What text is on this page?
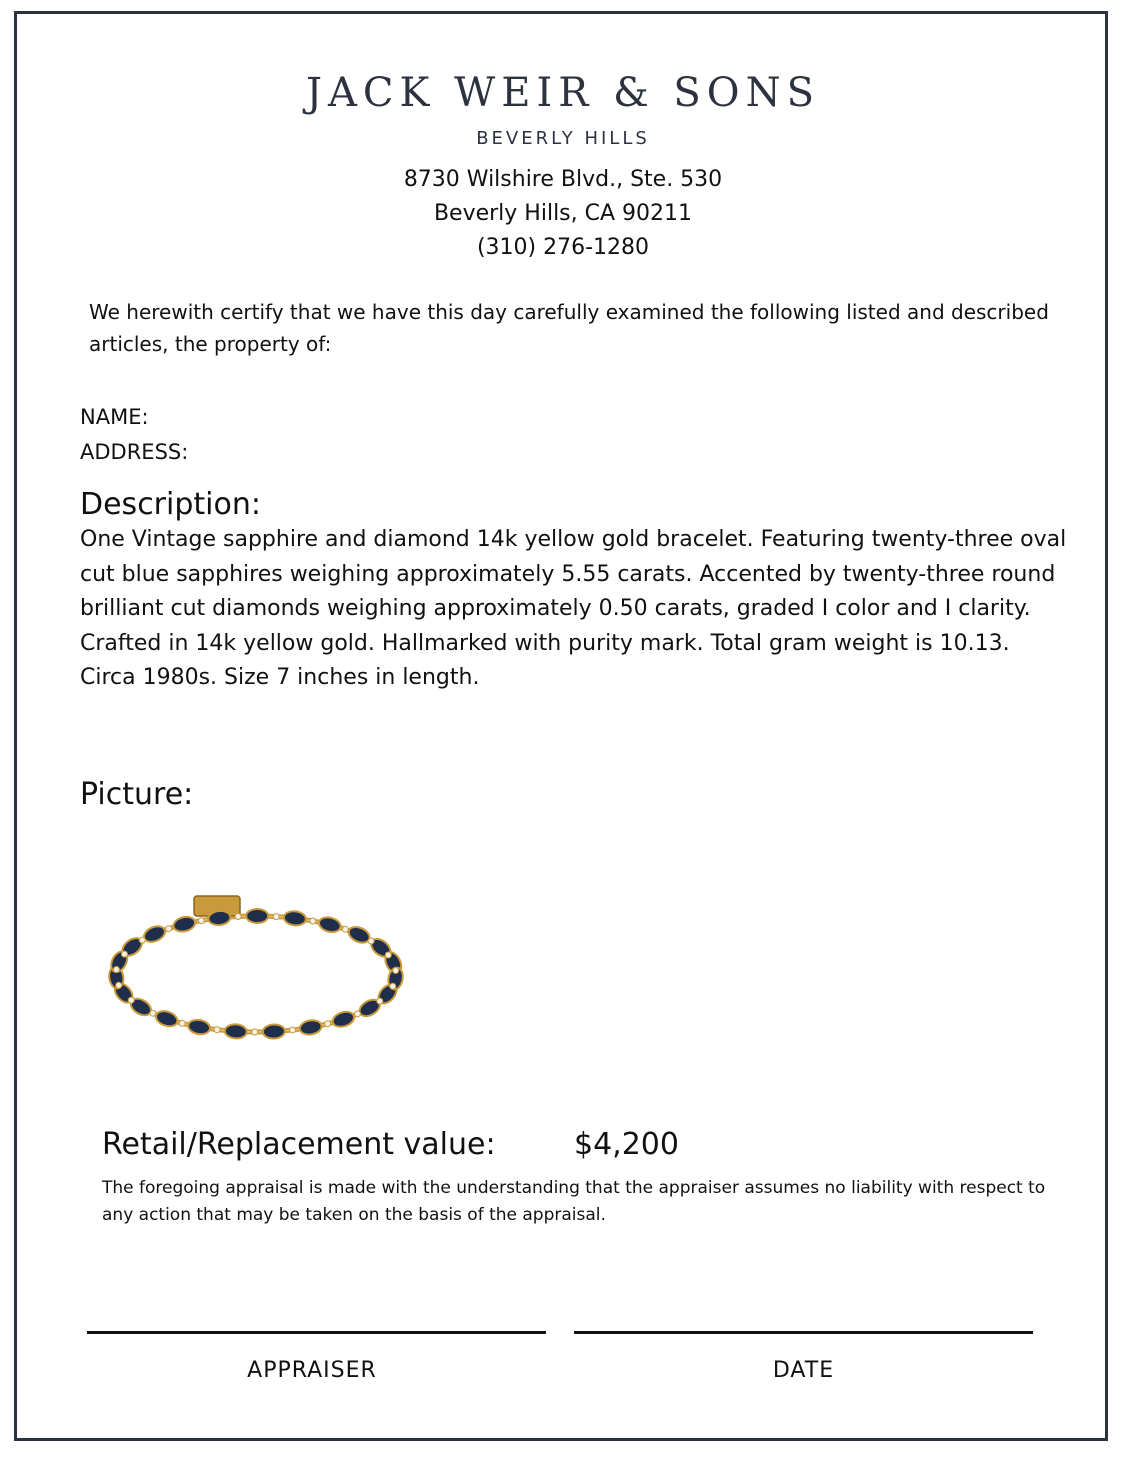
JACK WEIR & SONS
BEVERLY HILLS
8730 Wilshire Blvd., Ste. 530
Beverly Hills, CA 90211
(310) 276-1280
We herewith certify that we have this day carefully examined the following listed and described articles, the property of:
NAME:
ADDRESS:
Description:
One Vintage sapphire and diamond 14k yellow gold bracelet. Featuring twenty-three oval cut blue sapphires weighing approximately 5.55 carats. Accented by twenty-three round brilliant cut diamonds weighing approximately 0.50 carats, graded I color and I clarity. Crafted in 14k yellow gold. Hallmarked with purity mark. Total gram weight is 10.13. Circa 1980s. Size 7 inches in length.
Picture:
Retail/Replacement value:	$4,200
The foregoing appraisal is made with the understanding that the appraiser assumes no liability with respect to any action that may be taken on the basis of the appraisal.
APPRAISER	DATE
